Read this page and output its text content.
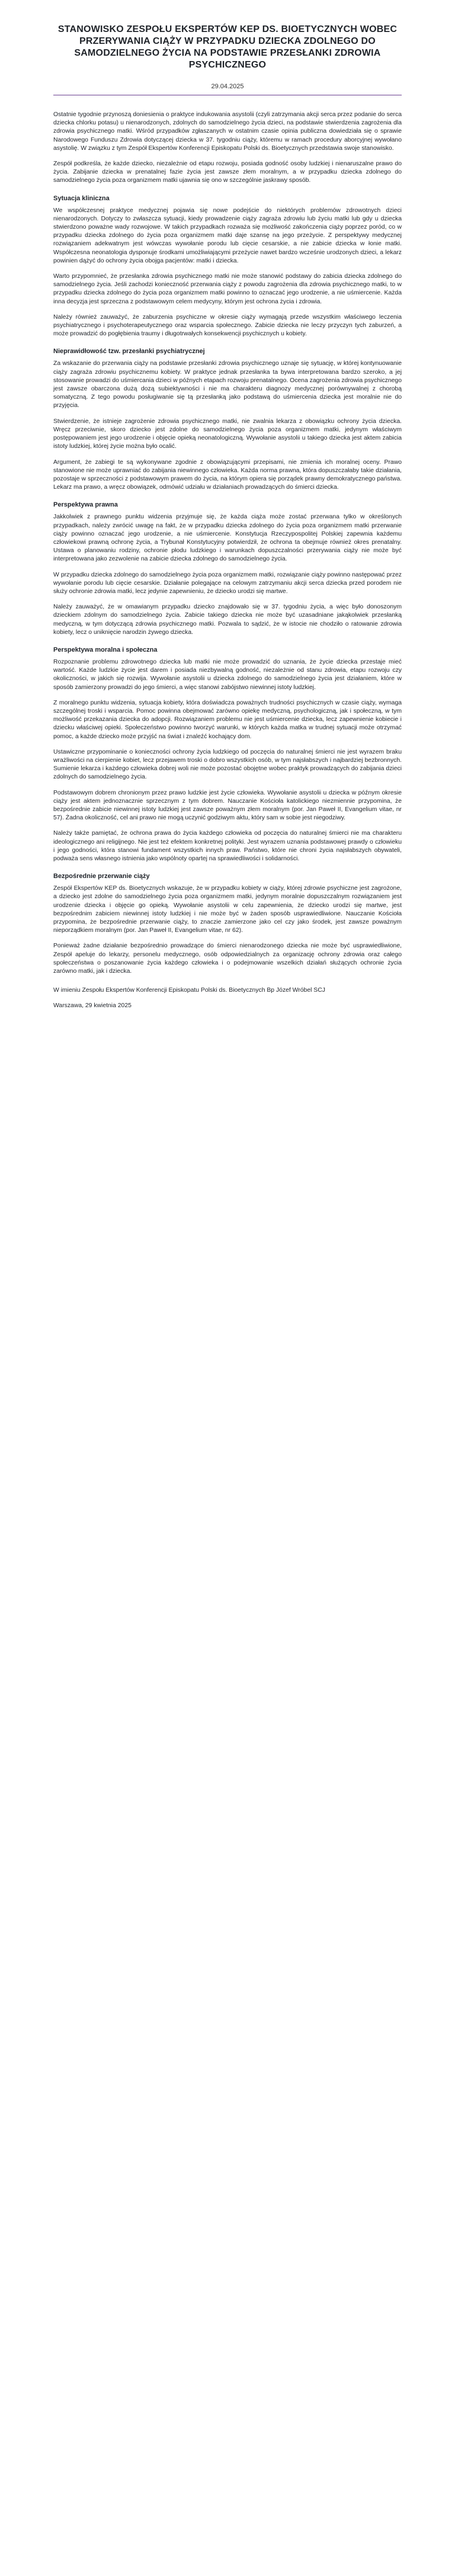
STANOWISKO ZESPOŁU EKSPERTÓW KEP DS. BIOETYCZNYCH WOBEC PRZERYWANIA CIĄŻY W PRZYPADKU DZIECKA ZDOLNEGO DO SAMODZIELNEGO ŻYCIA NA PODSTAWIE PRZESŁANKI ZDROWIA PSYCHICZNEGO
29.04.2025

Ostatnie tygodnie przynoszą doniesienia o praktyce indukowania asystolii (czyli zatrzymania akcji serca przez podanie do serca dziecka chlorku potasu) u nienarodzonych, zdolnych do samodzielnego życia dzieci, na podstawie stwierdzenia zagrożenia dla zdrowia psychicznego matki. Wśród przypadków zgłaszanych w ostatnim czasie opinia publiczna dowiedziała się o sprawie Narodowego Funduszu Zdrowia dotyczącej dziecka w 37. tygodniu ciąży, któremu w ramach procedury aborcyjnej wywołano asystolię. W związku z tym Zespół Ekspertów Konferencji Episkopatu Polski ds. Bioetycznych przedstawia swoje stanowisko.

Zespół podkreśla, że każde dziecko, niezależnie od etapu rozwoju, posiada godność osoby ludzkiej i nienaruszalne prawo do życia. Zabijanie dziecka w prenatalnej fazie życia jest zawsze złem moralnym, a w przypadku dziecka zdolnego do samodzielnego życia poza organizmem matki ujawnia się ono w szczególnie jaskrawy sposób.

Sytuacja kliniczna

We współczesnej praktyce medycznej pojawia się nowe podejście do niektórych problemów zdrowotnych dzieci nienarodzonych. Dotyczy to zwłaszcza sytuacji, kiedy prowadzenie ciąży zagraża zdrowiu lub życiu matki lub gdy u dziecka stwierdzono poważne wady rozwojowe. W takich przypadkach rozważa się możliwość zakończenia ciąży poprzez poród, co w przypadku dziecka zdolnego do życia poza organizmem matki daje szansę na jego przeżycie. Z perspektywy medycznej rozwiązaniem adekwatnym jest wówczas wywołanie porodu lub cięcie cesarskie, a nie zabicie dziecka w łonie matki. Współczesna neonatologia dysponuje środkami umożliwiającymi przeżycie nawet bardzo wcześnie urodzonych dzieci, a lekarz powinien dążyć do ochrony życia obojga pacjentów: matki i dziecka.

Warto przypomnieć, że przesłanka zdrowia psychicznego matki nie może stanowić podstawy do zabicia dziecka zdolnego do samodzielnego życia. Jeśli zachodzi konieczność przerwania ciąży z powodu zagrożenia dla zdrowia psychicznego matki, to w przypadku dziecka zdolnego do życia poza organizmem matki powinno to oznaczać jego urodzenie, a nie uśmiercenie. Każda inna decyzja jest sprzeczna z podstawowym celem medycyny, którym jest ochrona życia i zdrowia.

Należy również zauważyć, że zaburzenia psychiczne w okresie ciąży wymagają przede wszystkim właściwego leczenia psychiatrycznego i psychoterapeutycznego oraz wsparcia społecznego. Zabicie dziecka nie leczy przyczyn tych zaburzeń, a może prowadzić do pogłębienia traumy i długotrwałych konsekwencji psychicznych u kobiety.

Nieprawidłowość tzw. przesłanki psychiatrycznej

Za wskazanie do przerwania ciąży na podstawie przesłanki zdrowia psychicznego uznaje się sytuację, w której kontynuowanie ciąży zagraża zdrowiu psychicznemu kobiety. W praktyce jednak przesłanka ta bywa interpretowana bardzo szeroko, a jej stosowanie prowadzi do uśmiercania dzieci w późnych etapach rozwoju prenatalnego. Ocena zagrożenia zdrowia psychicznego jest zawsze obarczona dużą dozą subiektywności i nie ma charakteru diagnozy medycznej porównywalnej z chorobą somatyczną. Z tego powodu posługiwanie się tą przesłanką jako podstawą do uśmiercenia dziecka jest moralnie nie do przyjęcia.

Stwierdzenie, że istnieje zagrożenie zdrowia psychicznego matki, nie zwalnia lekarza z obowiązku ochrony życia dziecka. Wręcz przeciwnie, skoro dziecko jest zdolne do samodzielnego życia poza organizmem matki, jedynym właściwym postępowaniem jest jego urodzenie i objęcie opieką neonatologiczną. Wywołanie asystolii u takiego dziecka jest aktem zabicia istoty ludzkiej, której życie można było ocalić.

Argument, że zabiegi te są wykonywane zgodnie z obowiązującymi przepisami, nie zmienia ich moralnej oceny. Prawo stanowione nie może uprawniać do zabijania niewinnego człowieka. Każda norma prawna, która dopuszczałaby takie działania, pozostaje w sprzeczności z podstawowym prawem do życia, na którym opiera się porządek prawny demokratycznego państwa. Lekarz ma prawo, a wręcz obowiązek, odmówić udziału w działaniach prowadzących do śmierci dziecka.

Perspektywa prawna

Jakkolwiek z prawnego punktu widzenia przyjmuje się, że każda ciąża może zostać przerwana tylko w określonych przypadkach, należy zwrócić uwagę na fakt, że w przypadku dziecka zdolnego do życia poza organizmem matki przerwanie ciąży powinno oznaczać jego urodzenie, a nie uśmiercenie. Konstytucja Rzeczypospolitej Polskiej zapewnia każdemu człowiekowi prawną ochronę życia, a Trybunał Konstytucyjny potwierdził, że ochrona ta obejmuje również okres prenatalny. Ustawa o planowaniu rodziny, ochronie płodu ludzkiego i warunkach dopuszczalności przerywania ciąży nie może być interpretowana jako zezwolenie na zabicie dziecka zdolnego do samodzielnego życia.

W przypadku dziecka zdolnego do samodzielnego życia poza organizmem matki, rozwiązanie ciąży powinno następować przez wywołanie porodu lub cięcie cesarskie. Działanie polegające na celowym zatrzymaniu akcji serca dziecka przed porodem nie służy ochronie zdrowia matki, lecz jedynie zapewnieniu, że dziecko urodzi się martwe.

Należy zauważyć, że w omawianym przypadku dziecko znajdowało się w 37. tygodniu życia, a więc było donoszonym dzieckiem zdolnym do samodzielnego życia. Zabicie takiego dziecka nie może być uzasadniane jakąkolwiek przesłanką medyczną, w tym dotyczącą zdrowia psychicznego matki. Pozwala to sądzić, że w istocie nie chodziło o ratowanie zdrowia kobiety, lecz o uniknięcie narodzin żywego dziecka.

Perspektywa moralna i społeczna

Rozpoznanie problemu zdrowotnego dziecka lub matki nie może prowadzić do uznania, że życie dziecka przestaje mieć wartość. Każde ludzkie życie jest darem i posiada niezbywalną godność, niezależnie od stanu zdrowia, etapu rozwoju czy okoliczności, w jakich się rozwija. Wywołanie asystolii u dziecka zdolnego do samodzielnego życia jest działaniem, które w sposób zamierzony prowadzi do jego śmierci, a więc stanowi zabójstwo niewinnej istoty ludzkiej.

Z moralnego punktu widzenia, sytuacja kobiety, która doświadcza poważnych trudności psychicznych w czasie ciąży, wymaga szczególnej troski i wsparcia. Pomoc powinna obejmować zarówno opiekę medyczną, psychologiczną, jak i społeczną, w tym możliwość przekazania dziecka do adopcji. Rozwiązaniem problemu nie jest uśmiercenie dziecka, lecz zapewnienie kobiecie i dziecku właściwej opieki. Społeczeństwo powinno tworzyć warunki, w których każda matka w trudnej sytuacji może otrzymać pomoc, a każde dziecko może przyjść na świat i znaleźć kochający dom.

Ustawiczne przypominanie o konieczności ochrony życia ludzkiego od poczęcia do naturalnej śmierci nie jest wyrazem braku wrażliwości na cierpienie kobiet, lecz przejawem troski o dobro wszystkich osób, w tym najsłabszych i najbardziej bezbronnych. Sumienie lekarza i każdego człowieka dobrej woli nie może pozostać obojętne wobec praktyk prowadzących do zabijania dzieci zdolnych do samodzielnego życia.

Podstawowym dobrem chronionym przez prawo ludzkie jest życie człowieka. Wywołanie asystolii u dziecka w późnym okresie ciąży jest aktem jednoznacznie sprzecznym z tym dobrem. Nauczanie Kościoła katolickiego niezmiennie przypomina, że bezpośrednie zabicie niewinnej istoty ludzkiej jest zawsze poważnym złem moralnym (por. Jan Paweł II, Evangelium vitae, nr 57). Żadna okoliczność, cel ani prawo nie mogą uczynić godziwym aktu, który sam w sobie jest niegodziwy.

Należy także pamiętać, że ochrona prawa do życia każdego człowieka od poczęcia do naturalnej śmierci nie ma charakteru ideologicznego ani religijnego. Nie jest też efektem konkretnej polityki. Jest wyrazem uznania podstawowej prawdy o człowieku i jego godności, która stanowi fundament wszystkich innych praw. Państwo, które nie chroni życia najsłabszych obywateli, podważa sens własnego istnienia jako wspólnoty opartej na sprawiedliwości i solidarności.

Bezpośrednie przerwanie ciąży

Zespół Ekspertów KEP ds. Bioetycznych wskazuje, że w przypadku kobiety w ciąży, której zdrowie psychiczne jest zagrożone, a dziecko jest zdolne do samodzielnego życia poza organizmem matki, jedynym moralnie dopuszczalnym rozwiązaniem jest urodzenie dziecka i objęcie go opieką. Wywołanie asystolii w celu zapewnienia, że dziecko urodzi się martwe, jest bezpośrednim zabiciem niewinnej istoty ludzkiej i nie może być w żaden sposób usprawiedliwione. Nauczanie Kościoła przypomina, że bezpośrednie przerwanie ciąży, to znaczie zamierzone jako cel czy jako środek, jest zawsze poważnym nieporządkiem moralnym (por. Jan Paweł II, Evangelium vitae, nr 62).

Ponieważ żadne działanie bezpośrednio prowadzące do śmierci nienarodzonego dziecka nie może być usprawiedliwione, Zespół apeluje do lekarzy, personelu medycznego, osób odpowiedzialnych za organizację ochrony zdrowia oraz całego społeczeństwa o poszanowanie życia każdego człowieka i o podejmowanie wszelkich działań służących ochronie życia zarówno matki, jak i dziecka.

W imieniu Zespołu Ekspertów Konferencji Episkopatu Polski ds. Bioetycznych Bp Józef Wróbel SCJ

Warszawa, 29 kwietnia 2025
